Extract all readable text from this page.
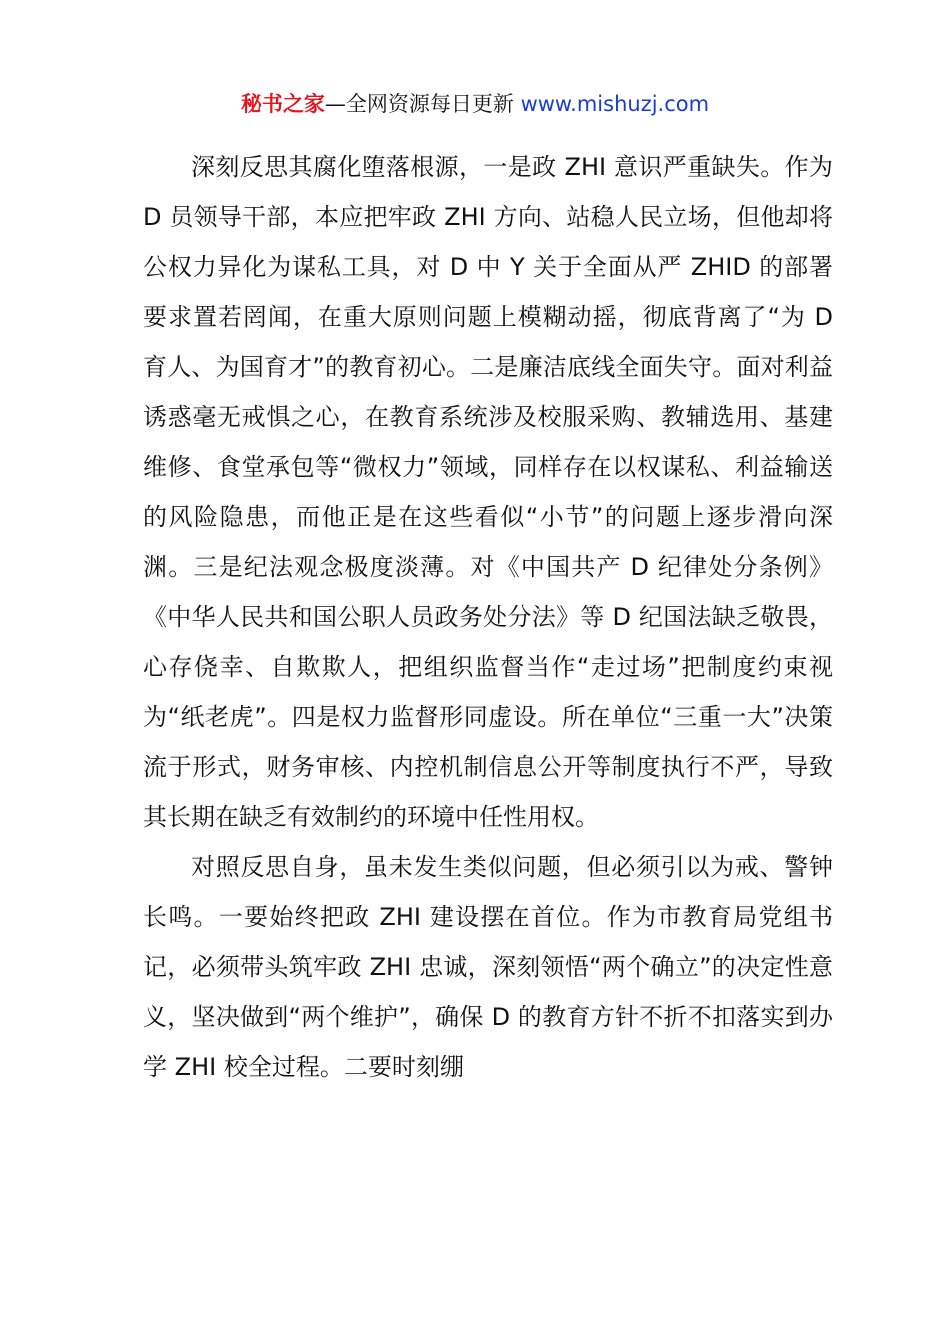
秘书之家—全网资源每日更新 www.mishuzj.com

深刻反思其腐化堕落根源，一是政 ZHI 意识严重缺失。作为 D 员领导干部，本应把牢政 ZHI 方向、站稳人民立场，但他却将公权力异化为谋私工具，对 D 中 Y 关于全面从严 ZHID 的部署要求置若罔闻，在重大原则问题上模糊动摇，彻底背离了“为 D 育人、为国育才”的教育初心。二是廉洁底线全面失守。面对利益诱惑毫无戒惧之心，在教育系统涉及校服采购、教辅选用、基建维修、食堂承包等“微权力”领域，同样存在以权谋私、利益输送的风险隐患，而他正是在这些看似“小节”的问题上逐步滑向深渊。三是纪法观念极度淡薄。对《中国共产 D 纪律处分条例》《中华人民共和国公职人员政务处分法》等 D 纪国法缺乏敬畏，心存侥幸、自欺欺人，把组织监督当作“走过场”把制度约束视为“纸老虎”。四是权力监督形同虚设。所在单位“三重一大”决策流于形式，财务审核、内控机制信息公开等制度执行不严，导致其长期在缺乏有效制约的环境中任性用权。

对照反思自身，虽未发生类似问题，但必须引以为戒、警钟长鸣。一要始终把政 ZHI 建设摆在首位。作为市教育局党组书记，必须带头筑牢政 ZHI 忠诚，深刻领悟“两个确立”的决定性意义，坚决做到“两个维护”，确保 D 的教育方针不折不扣落实到办学 ZHI 校全过程。二要时刻绷
